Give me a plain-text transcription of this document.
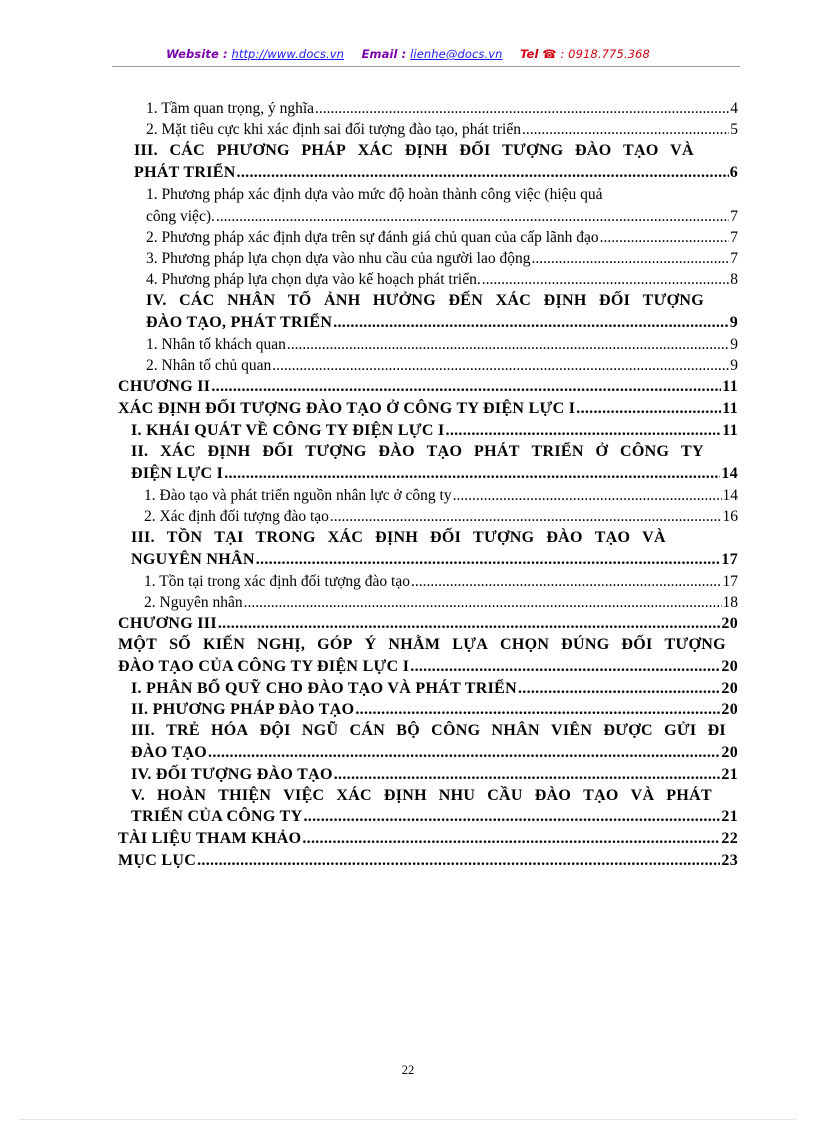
Website : http://www.docs.vn Email : lienhe@docs.vn Tel ☎ : 0918.775.368
1. Tầm quan trọng, ý nghĩa .....	4
2. Mặt tiêu cực khi xác định sai đối tượng đào tạo, phát triển .....	5
III. CÁC PHƯƠNG PHÁP XÁC ĐỊNH ĐỐI TƯỢNG ĐÀO TẠO VÀ
PHÁT TRIỂN .....	6
1. Phương pháp xác định dựa vào mức độ hoàn thành công việc (hiệu quả
công việc). .....	7
2. Phương pháp xác định dựa trên sự đánh giá chủ quan của cấp lãnh đạo .....	7
3. Phương pháp lựa chọn dựa vào nhu cầu của người lao động .....	7
4. Phương pháp lựa chọn dựa vào kế hoạch phát triển. .....	8
IV. CÁC NHÂN TỐ ẢNH HƯỞNG ĐẾN XÁC ĐỊNH ĐỐI TƯỢNG
ĐÀO TẠO, PHÁT TRIỂN .....	9
1. Nhân tố khách quan .....	9
2. Nhân tố chủ quan .....	9
CHƯƠNG II .....	11
XÁC ĐỊNH ĐỐI TƯỢNG ĐÀO TẠO Ở CÔNG TY ĐIỆN LỰC I .....	11
I. KHÁI QUÁT VỀ CÔNG TY ĐIỆN LỰC I .....	11
II. XÁC ĐỊNH ĐỐI TƯỢNG ĐÀO TẠO PHÁT TRIỂN Ở CÔNG TY
ĐIỆN LỰC I .....	14
1. Đào tạo và phát triển nguồn nhân lực ở công ty .....	14
2. Xác định đối tượng đào tạo .....	16
III. TỒN TẠI TRONG XÁC ĐỊNH ĐỐI TƯỢNG ĐÀO TẠO VÀ
NGUYÊN NHÂN .....	17
1. Tồn tại trong xác định đối tượng đào tạo .....	17
2. Nguyên nhân .....	18
CHƯƠNG III .....	20
MỘT SỐ KIẾN NGHỊ, GÓP Ý NHẰM LỰA CHỌN ĐÚNG ĐỐI TƯỢNG
ĐÀO TẠO CỦA CÔNG TY ĐIỆN LỰC I .....	20
I. PHÂN BỔ QUỸ CHO ĐÀO TẠO VÀ PHÁT TRIỂN .....	20
II. PHƯƠNG PHÁP ĐÀO TẠO .....	20
III. TRẺ HÓA ĐỘI NGŨ CÁN BỘ CÔNG NHÂN VIÊN ĐƯỢC GỬI ĐI
ĐÀO TẠO .....	20
IV. ĐỐI TƯỢNG ĐÀO TẠO .....	21
V. HOÀN THIỆN VIỆC XÁC ĐỊNH NHU CẦU ĐÀO TẠO VÀ PHÁT
TRIỂN CỦA CÔNG TY .....	21
TÀI LIỆU THAM KHẢO .....	22
MỤC LỤC .....	23
22
